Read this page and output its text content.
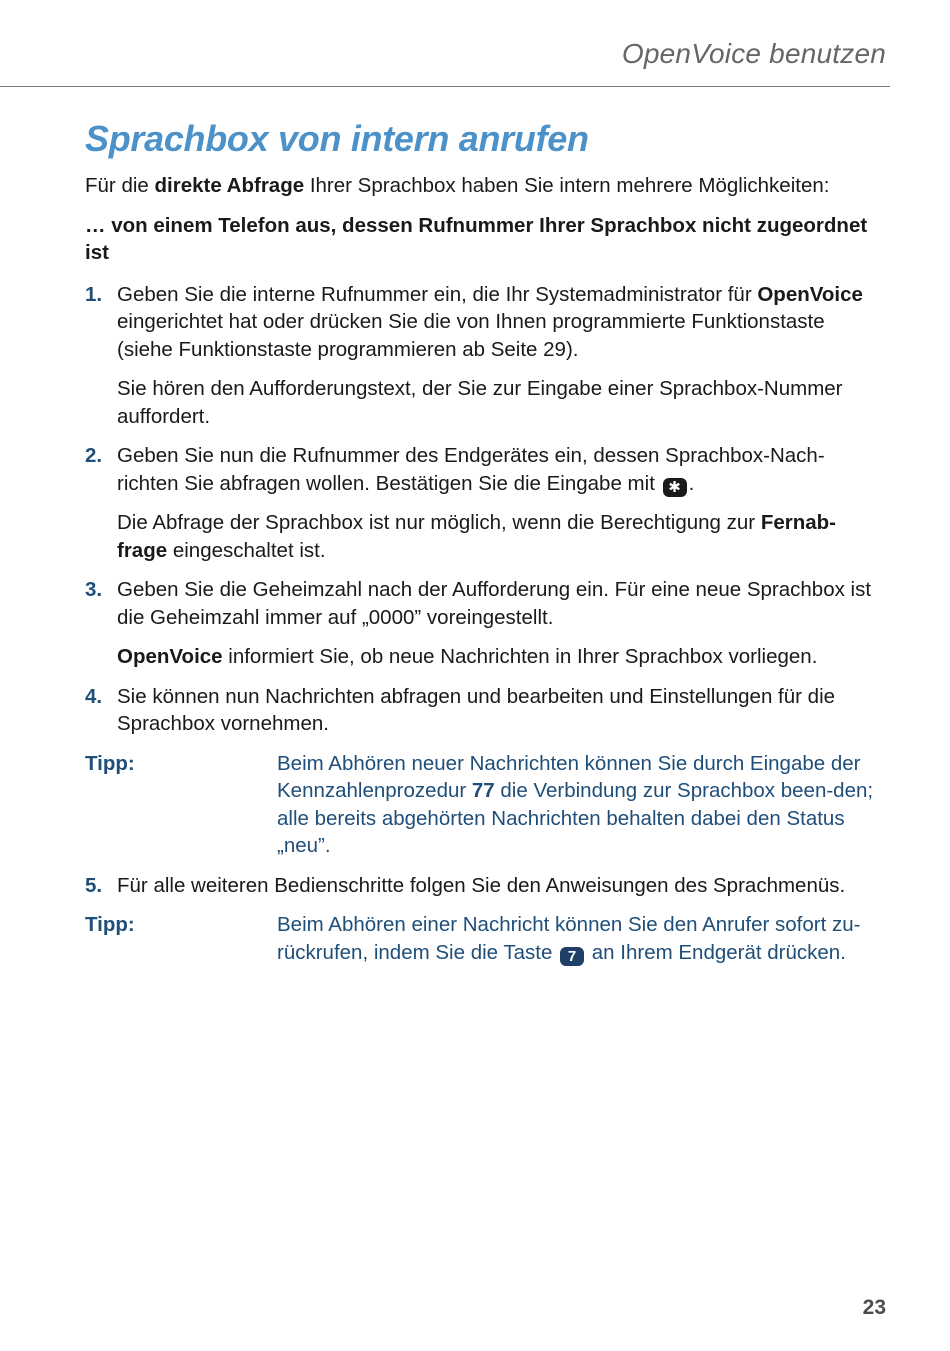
OpenVoice benutzen
Sprachbox von intern anrufen

Für die direkte Abfrage Ihrer Sprachbox haben Sie intern mehrere Möglichkeiten:

… von einem Telefon aus, dessen Rufnummer Ihrer Sprachbox nicht zugeordnet ist

1. Geben Sie die interne Rufnummer ein, die Ihr Systemadministrator für OpenVoice eingerichtet hat oder drücken Sie die von Ihnen programmierte Funktionstaste (siehe Funktionstaste programmieren ab Seite 29).

Sie hören den Aufforderungstext, der Sie zur Eingabe einer Sprachbox-Nummer auffordert.

2. Geben Sie nun die Rufnummer des Endgerätes ein, dessen Sprachbox-Nach-richten Sie abfragen wollen. Bestätigen Sie die Eingabe mit ✱ .

Die Abfrage der Sprachbox ist nur möglich, wenn die Berechtigung zur Fernab-frage eingeschaltet ist.

3. Geben Sie die Geheimzahl nach der Aufforderung ein. Für eine neue Sprachbox ist die Geheimzahl immer auf „0000” voreingestellt.

OpenVoice informiert Sie, ob neue Nachrichten in Ihrer Sprachbox vorliegen.

4. Sie können nun Nachrichten abfragen und bearbeiten und Einstellungen für die Sprachbox vornehmen.
Tipp:	Beim Abhören neuer Nachrichten können Sie durch Eingabe der Kennzahlenprozedur 77 die Verbindung zur Sprachbox been-den; alle bereits abgehörten Nachrichten behalten dabei den Status „neu”.
5. Für alle weiteren Bedienschritte folgen Sie den Anweisungen des Sprachmenüs.
Tipp:	Beim Abhören einer Nachricht können Sie den Anrufer sofort zu-rückrufen, indem Sie die Taste 7 an Ihrem Endgerät drücken.
23
